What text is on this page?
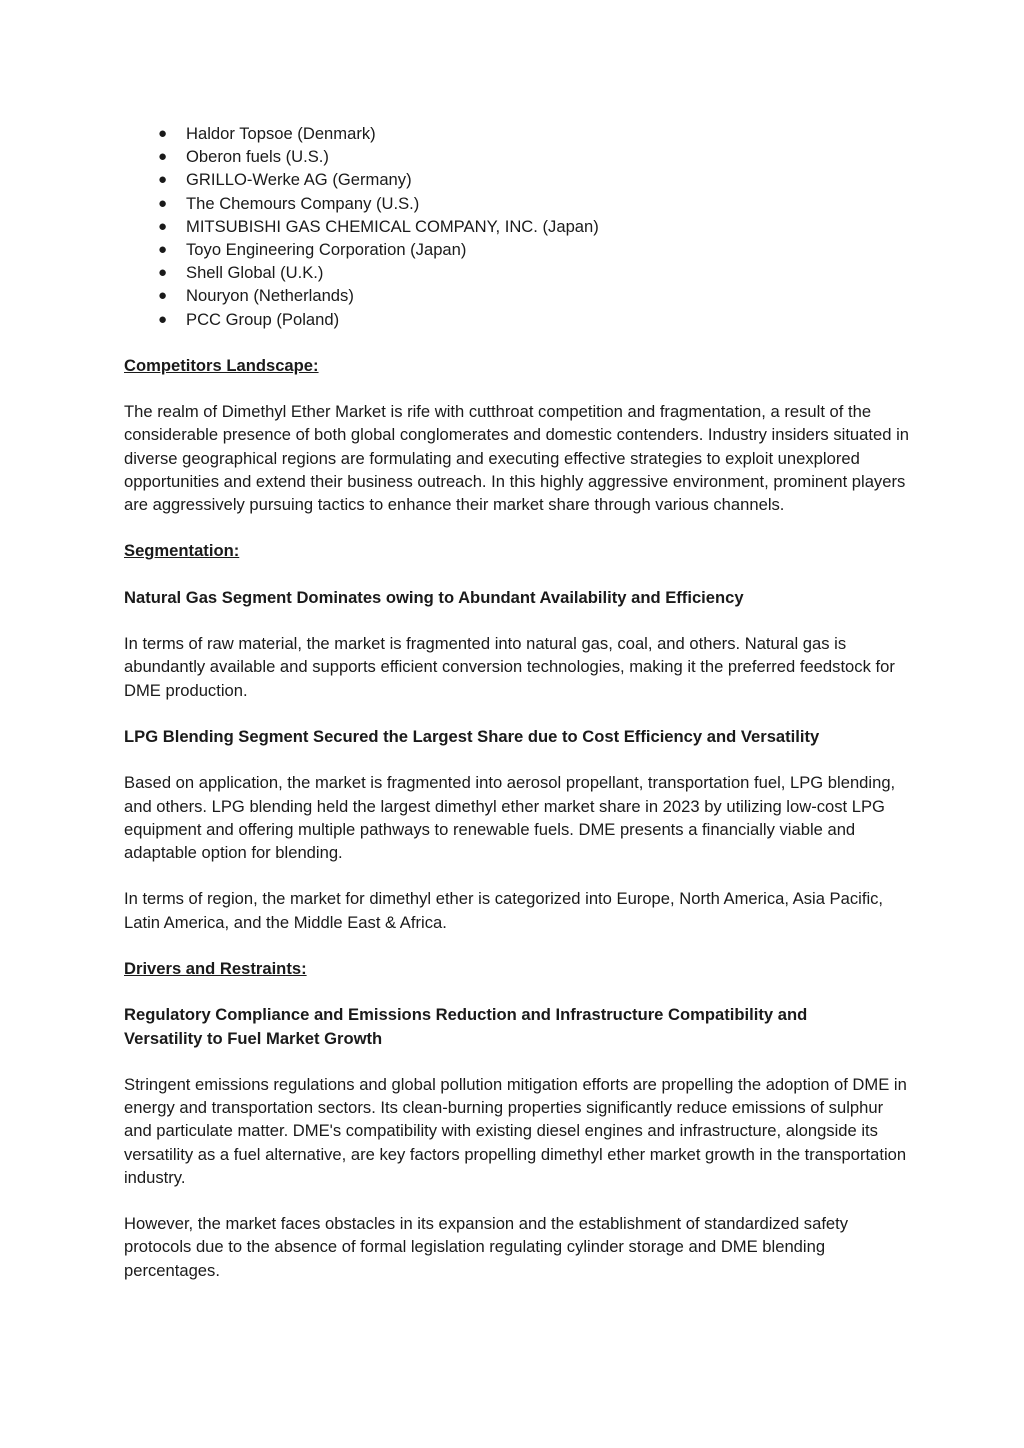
● Haldor Topsoe (Denmark)
● Oberon fuels (U.S.)
● GRILLO-Werke AG (Germany)
● The Chemours Company (U.S.)
● MITSUBISHI GAS CHEMICAL COMPANY, INC. (Japan)
● Toyo Engineering Corporation (Japan)
● Shell Global (U.K.)
● Nouryon (Netherlands)
● PCC Group (Poland)
Competitors Landscape:

The realm of Dimethyl Ether Market is rife with cutthroat competition and fragmentation, a result of the considerable presence of both global conglomerates and domestic contenders. Industry insiders situated in diverse geographical regions are formulating and executing effective strategies to exploit unexplored opportunities and extend their business outreach. In this highly aggressive environment, prominent players are aggressively pursuing tactics to enhance their market share through various channels.

Segmentation:
Natural Gas Segment Dominates owing to Abundant Availability and Efficiency

In terms of raw material, the market is fragmented into natural gas, coal, and others. Natural gas is abundantly available and supports efficient conversion technologies, making it the preferred feedstock for DME production.

LPG Blending Segment Secured the Largest Share due to Cost Efficiency and Versatility

Based on application, the market is fragmented into aerosol propellant, transportation fuel, LPG blending, and others. LPG blending held the largest dimethyl ether market share in 2023 by utilizing low-cost LPG equipment and offering multiple pathways to renewable fuels. DME presents a financially viable and adaptable option for blending.

In terms of region, the market for dimethyl ether is categorized into Europe, North America, Asia Pacific, Latin America, and the Middle East & Africa.

Drivers and Restraints:
Regulatory Compliance and Emissions Reduction and Infrastructure Compatibility and Versatility to Fuel Market Growth

Stringent emissions regulations and global pollution mitigation efforts are propelling the adoption of DME in energy and transportation sectors. Its clean-burning properties significantly reduce emissions of sulphur and particulate matter. DME's compatibility with existing diesel engines and infrastructure, alongside its versatility as a fuel alternative, are key factors propelling dimethyl ether market growth in the transportation industry.

However, the market faces obstacles in its expansion and the establishment of standardized safety protocols due to the absence of formal legislation regulating cylinder storage and DME blending percentages.
